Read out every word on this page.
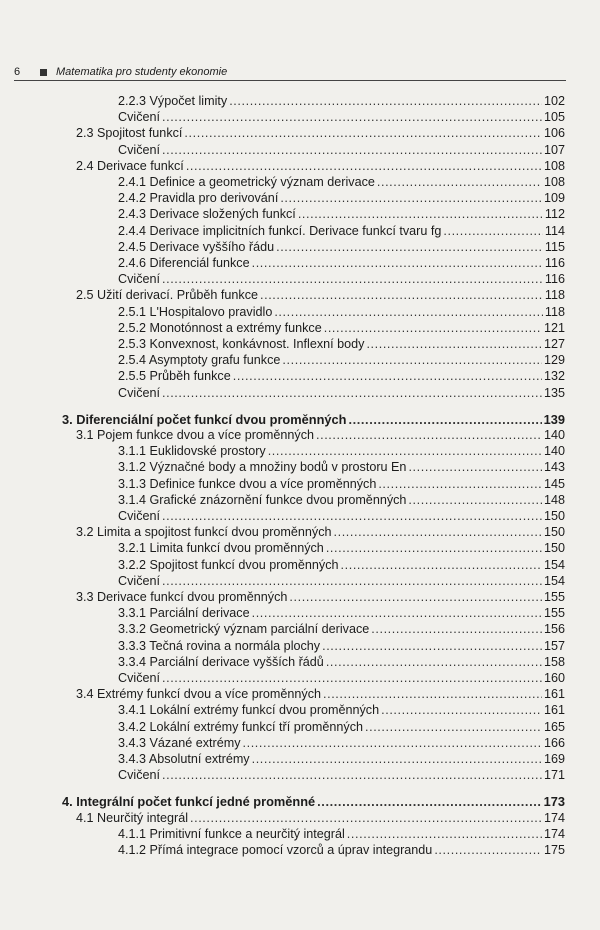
6	Matematika pro studenty ekonomie
2.2.3 Výpočet limity .....	102
Cvičení .....	105
2.3 Spojitost funkcí .....	106
Cvičení .....	107
2.4 Derivace funkcí .....	108
2.4.1 Definice a geometrický význam derivace .....	108
2.4.2 Pravidla pro derivování .....	109
2.4.3 Derivace složených funkcí .....	112
2.4.4 Derivace implicitních funkcí. Derivace funkcí tvaru fg .....	114
2.4.5 Derivace vyššího řádu .....	115
2.4.6 Diferenciál funkce .....	116
Cvičení .....	116
2.5 Užití derivací. Průběh funkce .....	118
2.5.1 L'Hospitalovo pravidlo .....	118
2.5.2 Monotónnost a extrémy funkce .....	121
2.5.3 Konvexnost, konkávnost. Inflexní body .....	127
2.5.4 Asymptoty grafu funkce .....	129
2.5.5 Průběh funkce .....	132
Cvičení .....	135
3. Diferenciální počet funkcí dvou proměnných .....	139
3.1 Pojem funkce dvou a více proměnných .....	140
3.1.1 Euklidovské prostory .....	140
3.1.2 Význačné body a množiny bodů v prostoru En .....	143
3.1.3 Definice funkce dvou a více proměnných .....	145
3.1.4 Grafické znázornění funkce dvou proměnných .....	148
Cvičení .....	150
3.2 Limita a spojitost funkcí dvou proměnných .....	150
3.2.1 Limita funkcí dvou proměnných .....	150
3.2.2 Spojitost funkcí dvou proměnných .....	154
Cvičení .....	154
3.3 Derivace funkcí dvou proměnných .....	155
3.3.1 Parciální derivace .....	155
3.3.2 Geometrický význam parciální derivace .....	156
3.3.3 Tečná rovina a normála plochy .....	157
3.3.4 Parciální derivace vyšších řádů .....	158
Cvičení .....	160
3.4 Extrémy funkcí dvou a více proměnných .....	161
3.4.1 Lokální extrémy funkcí dvou proměnných .....	161
3.4.2 Lokální extrémy funkcí tří proměnných .....	165
3.4.3 Vázané extrémy .....	166
3.4.3 Absolutní extrémy .....	169
Cvičení .....	171
4. Integrální počet funkcí jedné proměnné .....	173
4.1 Neurčitý integrál .....	174
4.1.1 Primitivní funkce a neurčitý integrál .....	174
4.1.2 Přímá integrace pomocí vzorců a úprav integrandu .....	175
